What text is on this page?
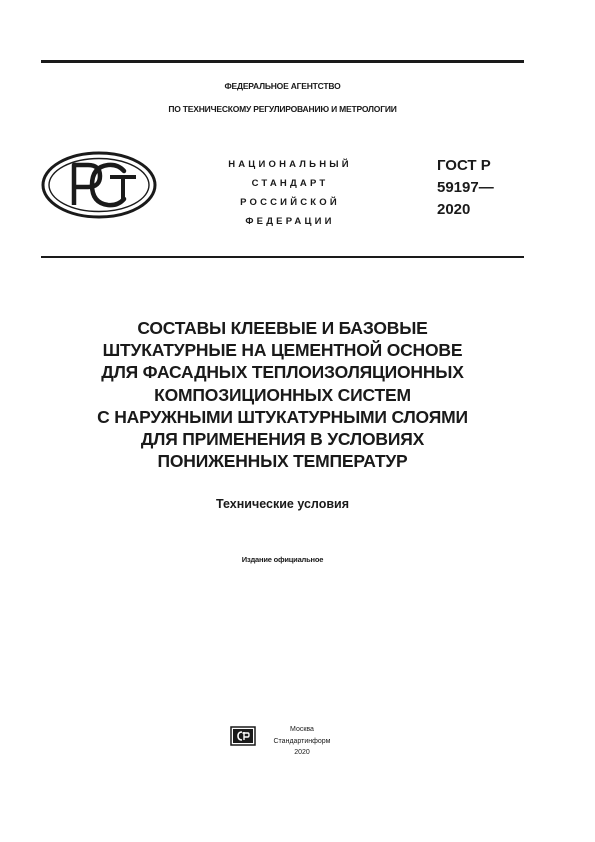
ФЕДЕРАЛЬНОЕ АГЕНТСТВО
ПО ТЕХНИЧЕСКОМУ РЕГУЛИРОВАНИЮ И МЕТРОЛОГИИ
НАЦИОНАЛЬНЫЙ
СТАНДАРТ
РОССИЙСКОЙ
ФЕДЕРАЦИИ
ГОСТ Р
59197—
2020
СОСТАВЫ КЛЕЕВЫЕ И БАЗОВЫЕ
ШТУКАТУРНЫЕ НА ЦЕМЕНТНОЙ ОСНОВЕ
ДЛЯ ФАСАДНЫХ ТЕПЛОИЗОЛЯЦИОННЫХ
КОМПОЗИЦИОННЫХ СИСТЕМ
С НАРУЖНЫМИ ШТУКАТУРНЫМИ СЛОЯМИ
ДЛЯ ПРИМЕНЕНИЯ В УСЛОВИЯХ
ПОНИЖЕННЫХ ТЕМПЕРАТУР
Технические условия
Издание официальное
Москва
Стандартинформ
2020
